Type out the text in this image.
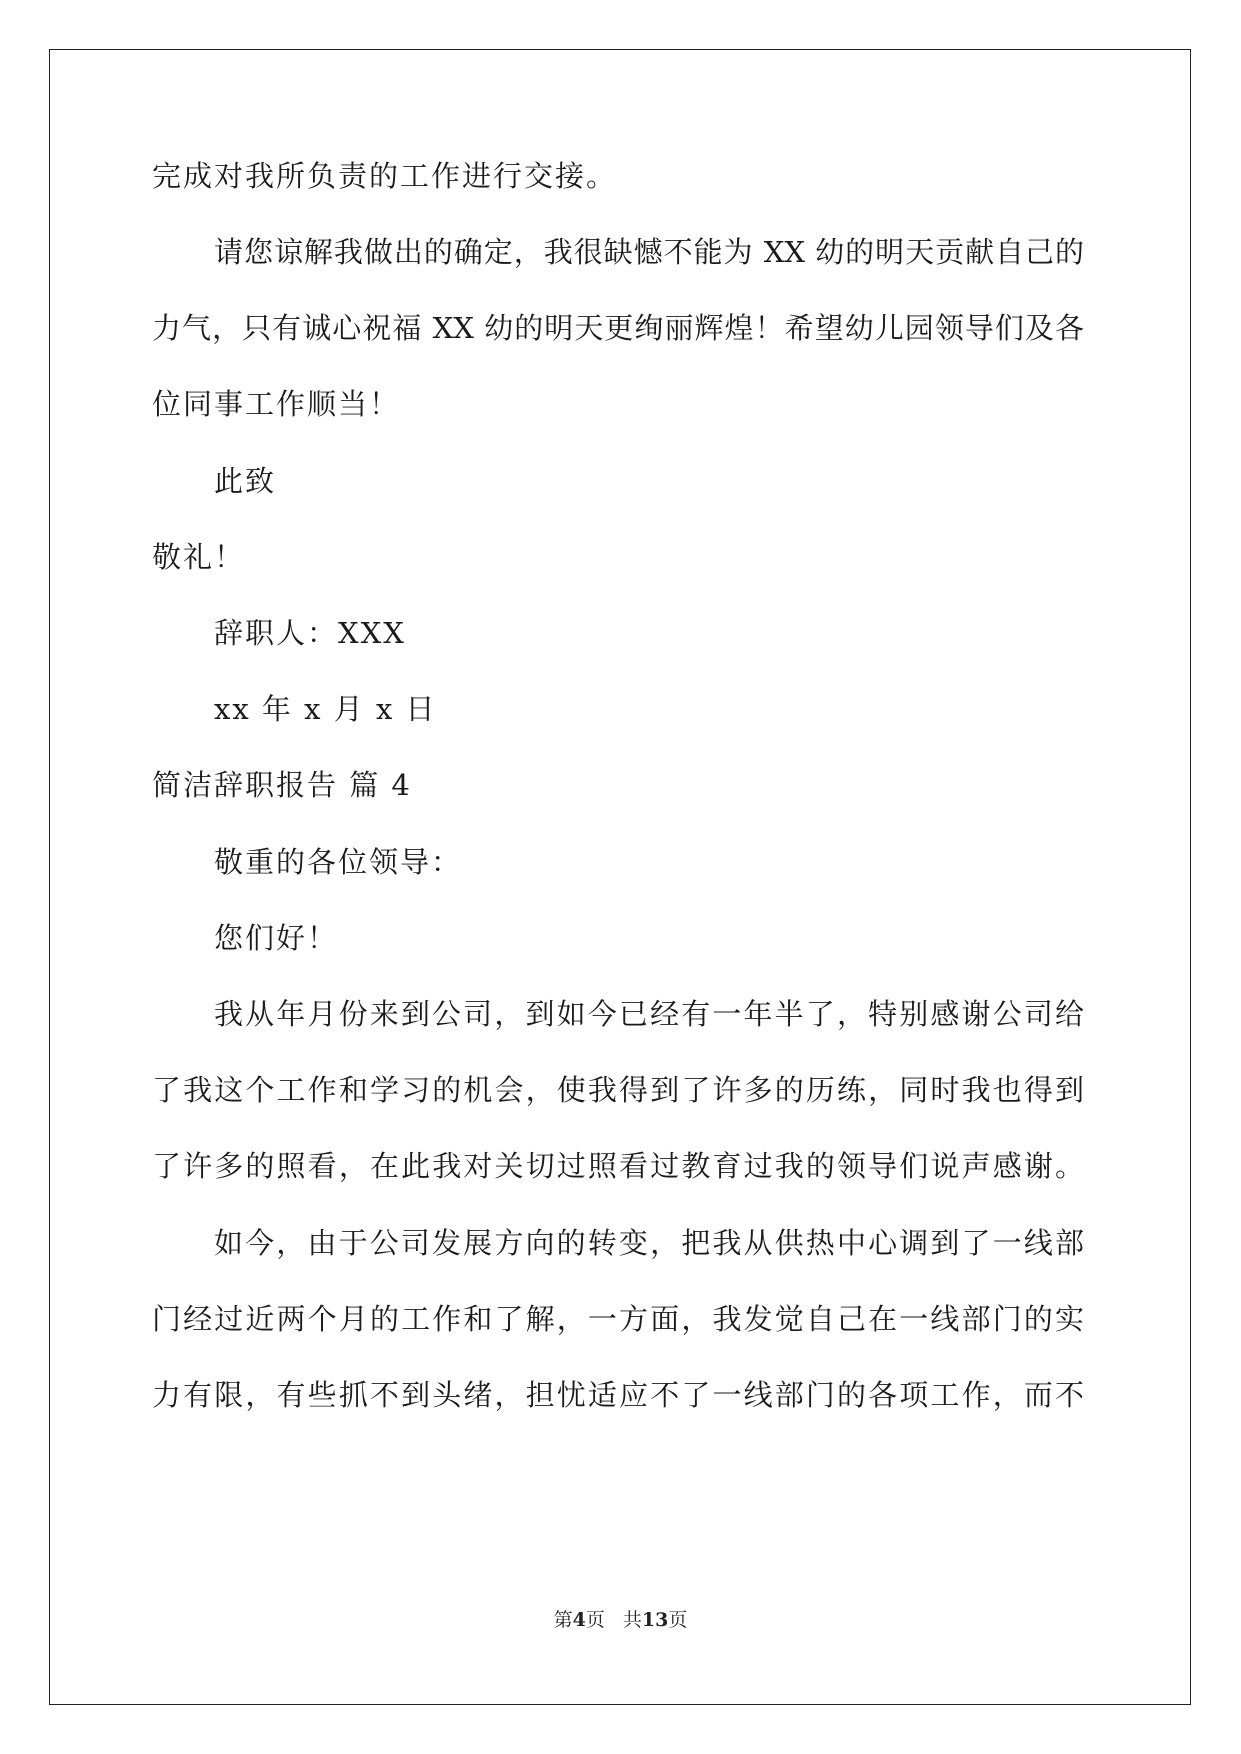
完成对我所负责的工作进行交接。
请您谅解我做出的确定，我很缺憾不能为 XX 幼的明天贡献自己的
力气，只有诚心祝福 XX 幼的明天更绚丽辉煌！希望幼儿园领导们及各
位同事工作顺当！
此致
敬礼！
辞职人：XXX
xx 年 x 月 x 日
简洁辞职报告 篇 4
敬重的各位领导：
您们好！
我从年月份来到公司，到如今已经有一年半了，特别感谢公司给
了我这个工作和学习的机会，使我得到了许多的历练，同时我也得到
了许多的照看，在此我对关切过照看过教育过我的领导们说声感谢。
如今，由于公司发展方向的转变，把我从供热中心调到了一线部
门经过近两个月的工作和了解，一方面，我发觉自己在一线部门的实
力有限，有些抓不到头绪，担忧适应不了一线部门的各项工作，而不
第4页 共13页
